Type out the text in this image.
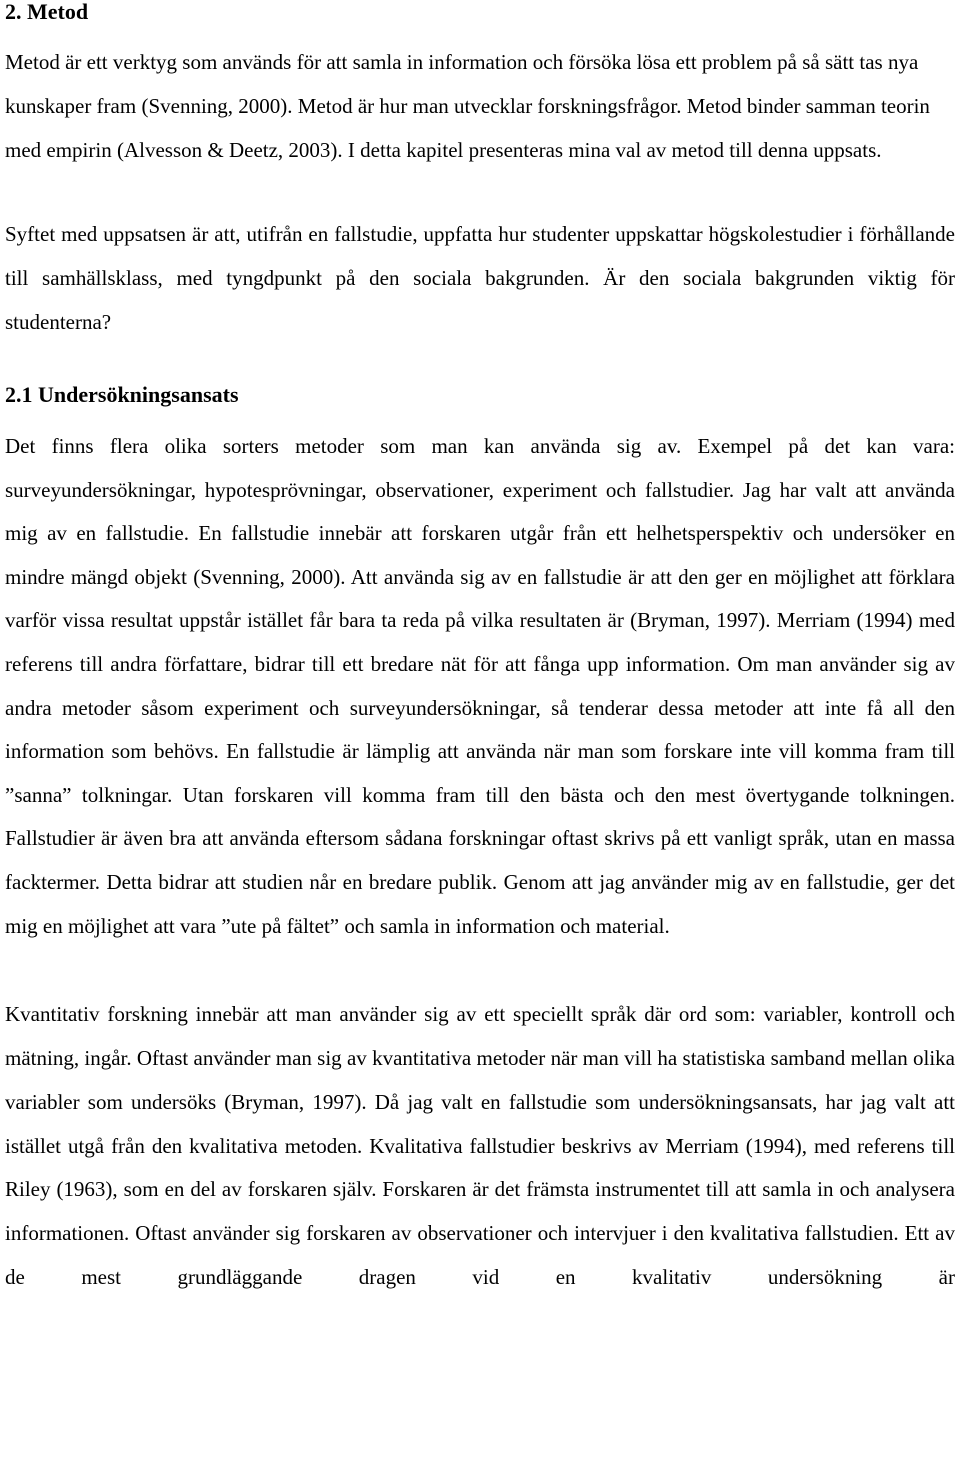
2. Metod

Metod är ett verktyg som används för att samla in information och försöka lösa ett problem på så sätt tas nya kunskaper fram (Svenning, 2000). Metod är hur man utvecklar forskningsfrågor. Metod binder samman teorin med empirin (Alvesson & Deetz, 2003). I detta kapitel presenteras mina val av metod till denna uppsats.

Syftet med uppsatsen är att, utifrån en fallstudie, uppfatta hur studenter uppskattar högskolestudier i förhållande till samhällsklass, med tyngdpunkt på den sociala bakgrunden. Är den sociala bakgrunden viktig för studenterna?

2.1 Undersökningsansats

Det finns flera olika sorters metoder som man kan använda sig av. Exempel på det kan vara: surveyundersökningar, hypotesprövningar, observationer, experiment och fallstudier. Jag har valt att använda mig av en fallstudie. En fallstudie innebär att forskaren utgår från ett helhetsperspektiv och undersöker en mindre mängd objekt (Svenning, 2000). Att använda sig av en fallstudie är att den ger en möjlighet att förklara varför vissa resultat uppstår istället får bara ta reda på vilka resultaten är (Bryman, 1997). Merriam (1994) med referens till andra författare, bidrar till ett bredare nät för att fånga upp information. Om man använder sig av andra metoder såsom experiment och surveyundersökningar, så tenderar dessa metoder att inte få all den information som behövs. En fallstudie är lämplig att använda när man som forskare inte vill komma fram till ”sanna” tolkningar. Utan forskaren vill komma fram till den bästa och den mest övertygande tolkningen. Fallstudier är även bra att använda eftersom sådana forskningar oftast skrivs på ett vanligt språk, utan en massa facktermer. Detta bidrar att studien når en bredare publik. Genom att jag använder mig av en fallstudie, ger det mig en möjlighet att vara ”ute på fältet” och samla in information och material.

Kvantitativ forskning innebär att man använder sig av ett speciellt språk där ord som: variabler, kontroll och mätning, ingår. Oftast använder man sig av kvantitativa metoder när man vill ha statistiska samband mellan olika variabler som undersöks (Bryman, 1997). Då jag valt en fallstudie som undersökningsansats, har jag valt att istället utgå från den kvalitativa metoden. Kvalitativa fallstudier beskrivs av Merriam (1994), med referens till Riley (1963), som en del av forskaren själv. Forskaren är det främsta instrumentet till att samla in och analysera informationen. Oftast använder sig forskaren av observationer och intervjuer i den kvalitativa fallstudien. Ett av de mest grundläggande dragen vid en kvalitativ undersökning är
